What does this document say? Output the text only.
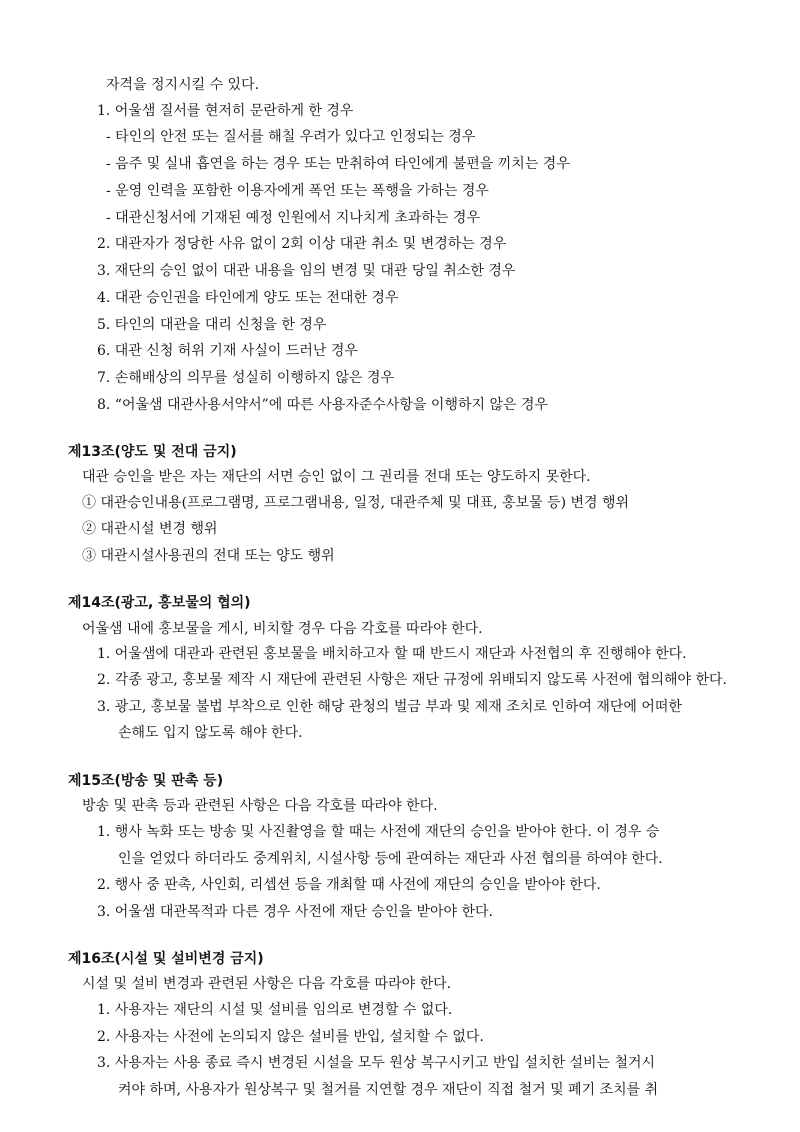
자격을 정지시킬 수 있다.
1. 어울샘 질서를 현저히 문란하게 한 경우
- 타인의 안전 또는 질서를 해칠 우려가 있다고 인정되는 경우
- 음주 및 실내 흡연을 하는 경우 또는 만취하여 타인에게 불편을 끼치는 경우
- 운영 인력을 포함한 이용자에게 폭언 또는 폭행을 가하는 경우
- 대관신청서에 기재된 예정 인원에서 지나치게 초과하는 경우
2. 대관자가 정당한 사유 없이 2회 이상 대관 취소 및 변경하는 경우
3. 재단의 승인 없이 대관 내용을 임의 변경 및 대관 당일 취소한 경우
4. 대관 승인권을 타인에게 양도 또는 전대한 경우
5. 타인의 대관을 대리 신청을 한 경우
6. 대관 신청 허위 기재 사실이 드러난 경우
7. 손해배상의 의무를 성실히 이행하지 않은 경우
8. “어울샘 대관사용서약서”에 따른 사용자준수사항을 이행하지 않은 경우
제13조(양도 및 전대 금지)
대관 승인을 받은 자는 재단의 서면 승인 없이 그 권리를 전대 또는 양도하지 못한다.
① 대관승인내용(프로그램명, 프로그램내용, 일정, 대관주체 및 대표, 홍보물 등) 변경 행위
② 대관시설 변경 행위
③ 대관시설사용권의 전대 또는 양도 행위
제14조(광고, 홍보물의 협의)
어울샘 내에 홍보물을 게시, 비치할 경우 다음 각호를 따라야 한다.
1. 어울샘에 대관과 관련된 홍보물을 배치하고자 할 때 반드시 재단과 사전협의 후 진행해야 한다.
2. 각종 광고, 홍보물 제작 시 재단에 관련된 사항은 재단 규정에 위배되지 않도록 사전에 협의해야 한다.
3. 광고, 홍보물 불법 부착으로 인한 해당 관청의 벌금 부과 및 제재 조치로 인하여 재단에 어떠한
손해도 입지 않도록 해야 한다.
제15조(방송 및 판촉 등)
방송 및 판촉 등과 관련된 사항은 다음 각호를 따라야 한다.
1. 행사 녹화 또는 방송 및 사진촬영을 할 때는 사전에 재단의 승인을 받아야 한다. 이 경우 승
인을 얻었다 하더라도 중계위치, 시설사항 등에 관여하는 재단과 사전 협의를 하여야 한다.
2. 행사 중 판촉, 사인회, 리셉션 등을 개최할 때 사전에 재단의 승인을 받아야 한다.
3. 어울샘 대관목적과 다른 경우 사전에 재단 승인을 받아야 한다.
제16조(시설 및 설비변경 금지)
시설 및 설비 변경과 관련된 사항은 다음 각호를 따라야 한다.
1. 사용자는 재단의 시설 및 설비를 임의로 변경할 수 없다.
2. 사용자는 사전에 논의되지 않은 설비를 반입, 설치할 수 없다.
3. 사용자는 사용 종료 즉시 변경된 시설을 모두 원상 복구시키고 반입 설치한 설비는 철거시
켜야 하며, 사용자가 원상복구 및 철거를 지연할 경우 재단이 직접 철거 및 폐기 조치를 취
